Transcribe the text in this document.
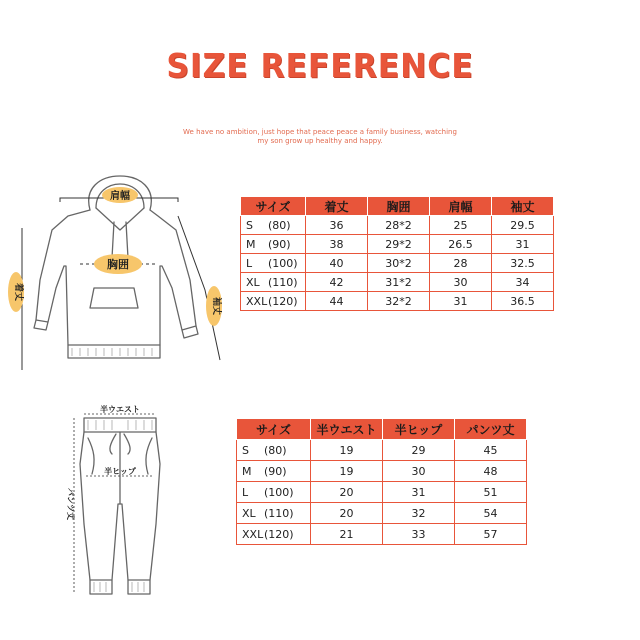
SIZE REFERENCE
We have no ambition, just hope that peace peace a family business, watching
my son grow up healthy and happy.
肩幅
胸囲
着丈
袖丈
サイズ	着丈	胸囲	肩幅	袖丈
S (80)	36	28*2	25	29.5
M (90)	38	29*2	26.5	31
L (100)	40	30*2	28	32.5
XL (110)	42	31*2	30	34
XXL(120)	44	32*2	31	36.5
半ウエスト
半ヒップ
パンツ丈
サイズ	半ウエスト	半ヒップ	パンツ丈
S (80)	19	29	45
M (90)	19	30	48
L (100)	20	31	51
XL (110)	20	32	54
XXL(120)	21	33	57
